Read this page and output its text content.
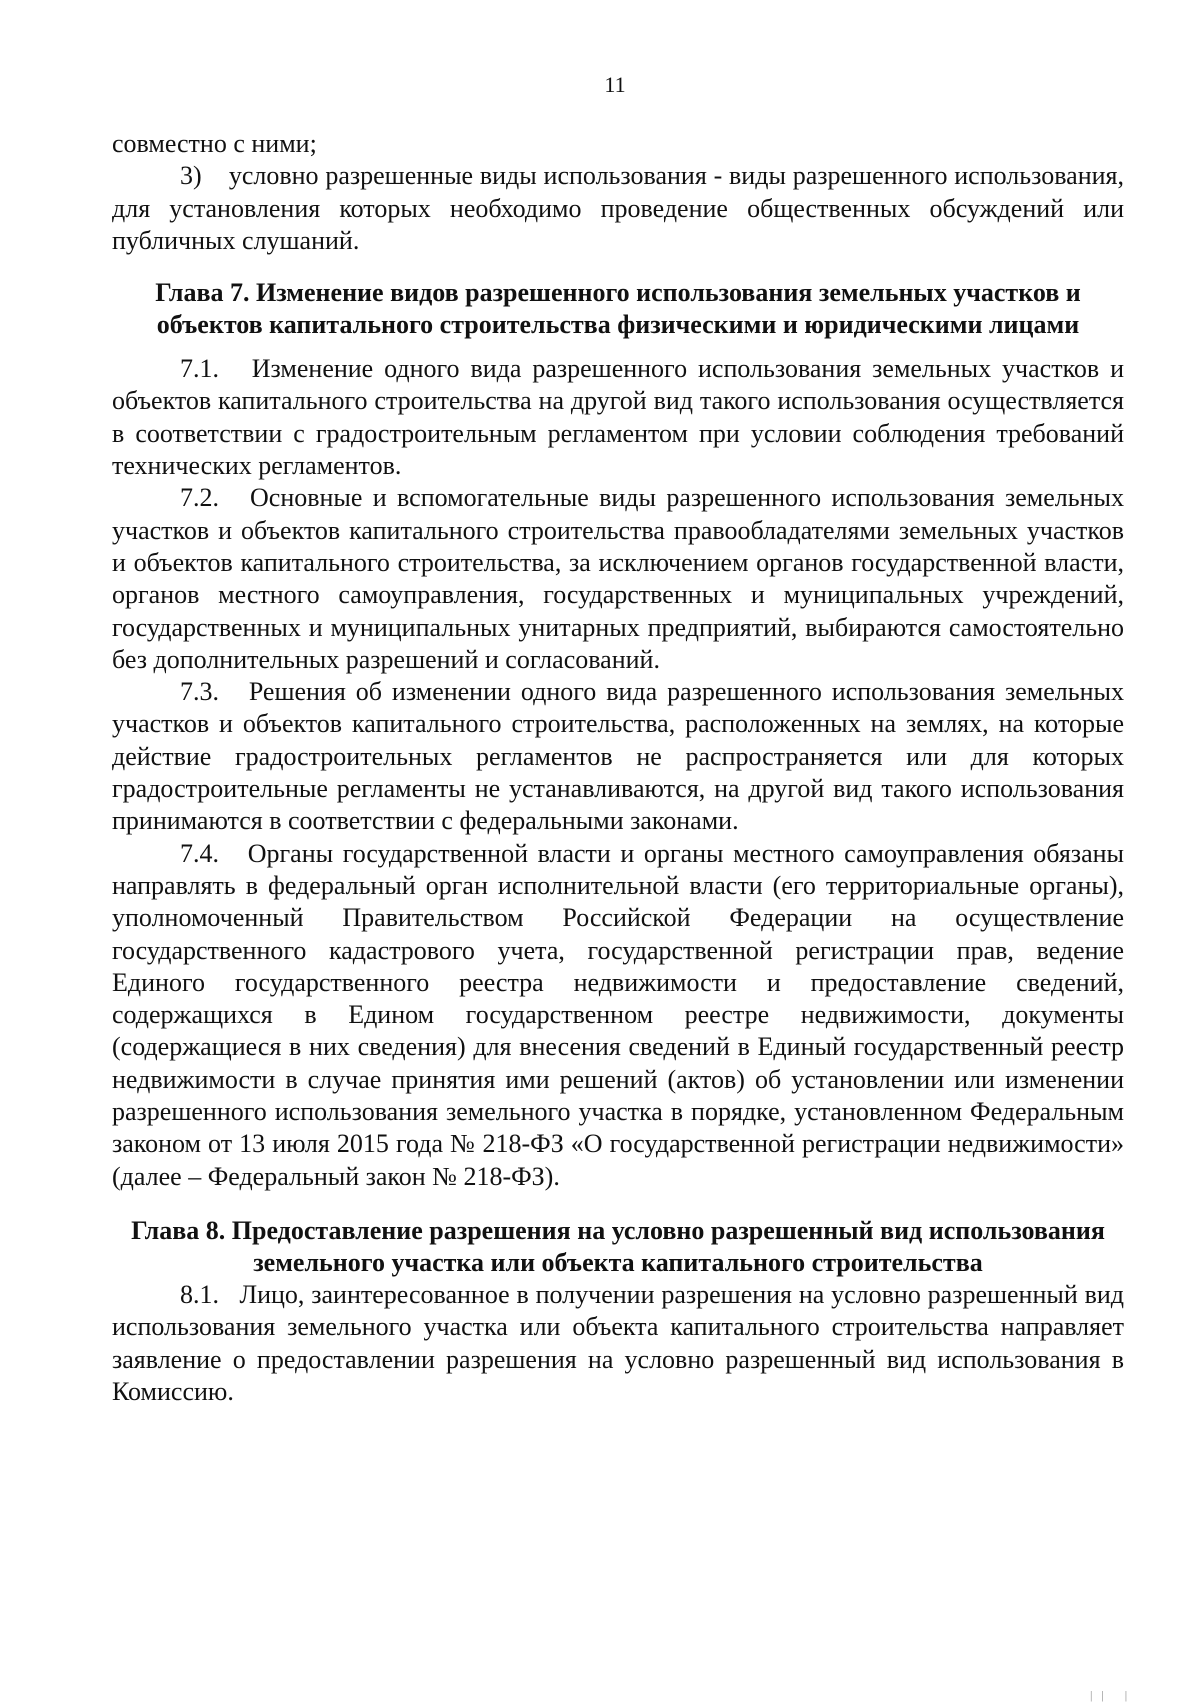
11

совместно с ними;

3)    условно разрешенные виды использования - виды разрешенного использования, для установления которых необходимо проведение общественных обсуждений или публичных слушаний.

Глава 7. Изменение видов разрешенного использования земельных участков и объектов капитального строительства физическими и юридическими лицами

7.1.   Изменение одного вида разрешенного использования земельных участков и объектов капитального строительства на другой вид такого использования осуществляется в соответствии с градостроительным регламентом при условии соблюдения требований технических регламентов.

7.2.   Основные и вспомогательные виды разрешенного использования земельных участков и объектов капитального строительства правообладателями земельных участков и объектов капитального строительства, за исключением органов государственной власти, органов местного самоуправления, государственных и муниципальных учреждений, государственных и муниципальных унитарных предприятий, выбираются самостоятельно без дополнительных разрешений и согласований.

7.3.   Решения об изменении одного вида разрешенного использования земельных участков и объектов капитального строительства, расположенных на землях, на которые действие градостроительных регламентов не распространяется или для которых градостроительные регламенты не устанавливаются, на другой вид такого использования принимаются в соответствии с федеральными законами.

7.4.   Органы государственной власти и органы местного самоуправления обязаны направлять в федеральный орган исполнительной власти (его территориальные органы), уполномоченный Правительством Российской Федерации на осуществление государственного кадастрового учета, государственной регистрации прав, ведение Единого государственного реестра недвижимости и предоставление сведений, содержащихся в Едином государственном реестре недвижимости, документы (содержащиеся в них сведения) для внесения сведений в Единый государственный реестр недвижимости в случае принятия ими решений (актов) об установлении или изменении разрешенного использования земельного участка в порядке, установленном Федеральным законом от 13 июля 2015 года № 218-ФЗ «О государственной регистрации недвижимости» (далее – Федеральный закон № 218-ФЗ).

Глава 8. Предоставление разрешения на условно разрешенный вид использования земельного участка или объекта капитального строительства

8.1.   Лицо, заинтересованное в получении разрешения на условно разрешенный вид использования земельного участка или объекта капитального строительства направляет заявление о предоставлении разрешения на условно разрешенный вид использования в Комиссию.

| |   |
